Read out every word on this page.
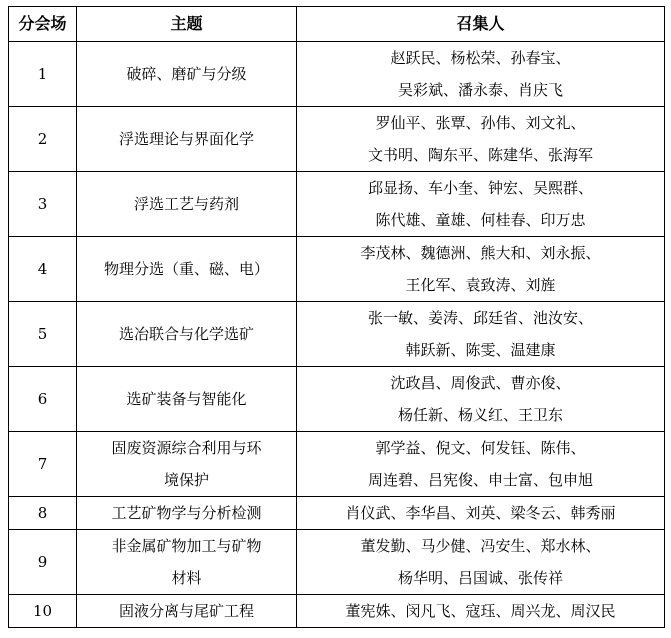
分会场	主题	召集人
1	破碎、磨矿与分级	赵跃民、杨松荣、孙春宝、
吴彩斌、潘永泰、肖庆飞

2	浮选理论与界面化学	罗仙平、张覃、孙伟、刘文礼、
文书明、陶东平、陈建华、张海军

3	浮选工艺与药剂	邱显扬、车小奎、钟宏、吴熙群、
陈代雄、童雄、何桂春、印万忠

4	物理分选（重、磁、电）	李茂林、魏德洲、熊大和、刘永振、
王化军、袁致涛、刘旌

5	选冶联合与化学选矿	张一敏、姜涛、邱廷省、池汝安、
韩跃新、陈雯、温建康

6	选矿装备与智能化	沈政昌、周俊武、曹亦俊、
杨任新、杨义红、王卫东

7	固废资源综合利用与环
境保护	郭学益、倪文、何发钰、陈伟、
周连碧、吕宪俊、申士富、包申旭

8	工艺矿物学与分析检测	肖仪武、李华昌、刘英、梁冬云、韩秀丽

9	非金属矿物加工与矿物
材料	董发勤、马少健、冯安生、郑水林、
杨华明、吕国诚、张传祥

10	固液分离与尾矿工程	董宪姝、闵凡飞、寇珏、周兴龙、周汉民
